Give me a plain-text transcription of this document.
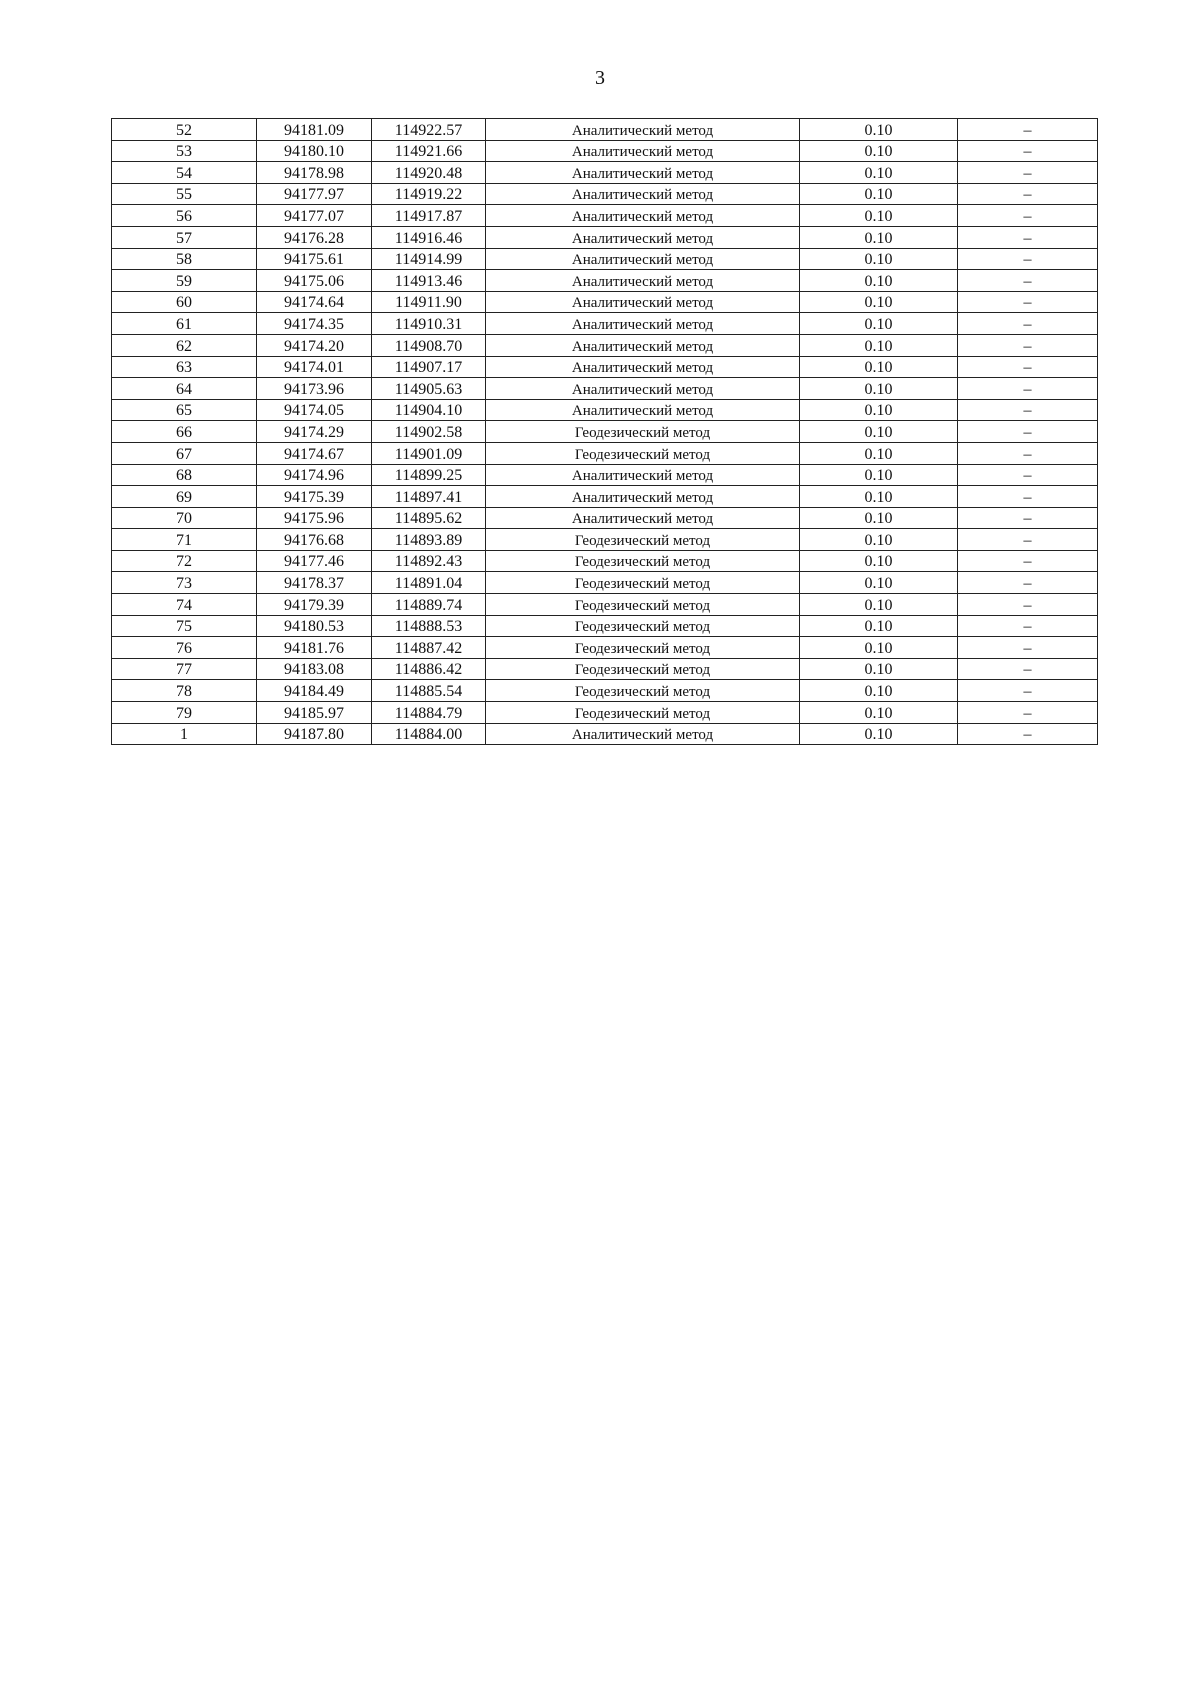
3
52	94181.09	114922.57	Аналитический метод	0.10	–
53	94180.10	114921.66	Аналитический метод	0.10	–
54	94178.98	114920.48	Аналитический метод	0.10	–
55	94177.97	114919.22	Аналитический метод	0.10	–
56	94177.07	114917.87	Аналитический метод	0.10	–
57	94176.28	114916.46	Аналитический метод	0.10	–
58	94175.61	114914.99	Аналитический метод	0.10	–
59	94175.06	114913.46	Аналитический метод	0.10	–
60	94174.64	114911.90	Аналитический метод	0.10	–
61	94174.35	114910.31	Аналитический метод	0.10	–
62	94174.20	114908.70	Аналитический метод	0.10	–
63	94174.01	114907.17	Аналитический метод	0.10	–
64	94173.96	114905.63	Аналитический метод	0.10	–
65	94174.05	114904.10	Аналитический метод	0.10	–
66	94174.29	114902.58	Геодезический метод	0.10	–
67	94174.67	114901.09	Геодезический метод	0.10	–
68	94174.96	114899.25	Аналитический метод	0.10	–
69	94175.39	114897.41	Аналитический метод	0.10	–
70	94175.96	114895.62	Аналитический метод	0.10	–
71	94176.68	114893.89	Геодезический метод	0.10	–
72	94177.46	114892.43	Геодезический метод	0.10	–
73	94178.37	114891.04	Геодезический метод	0.10	–
74	94179.39	114889.74	Геодезический метод	0.10	–
75	94180.53	114888.53	Геодезический метод	0.10	–
76	94181.76	114887.42	Геодезический метод	0.10	–
77	94183.08	114886.42	Геодезический метод	0.10	–
78	94184.49	114885.54	Геодезический метод	0.10	–
79	94185.97	114884.79	Геодезический метод	0.10	–
1	94187.80	114884.00	Аналитический метод	0.10	–
